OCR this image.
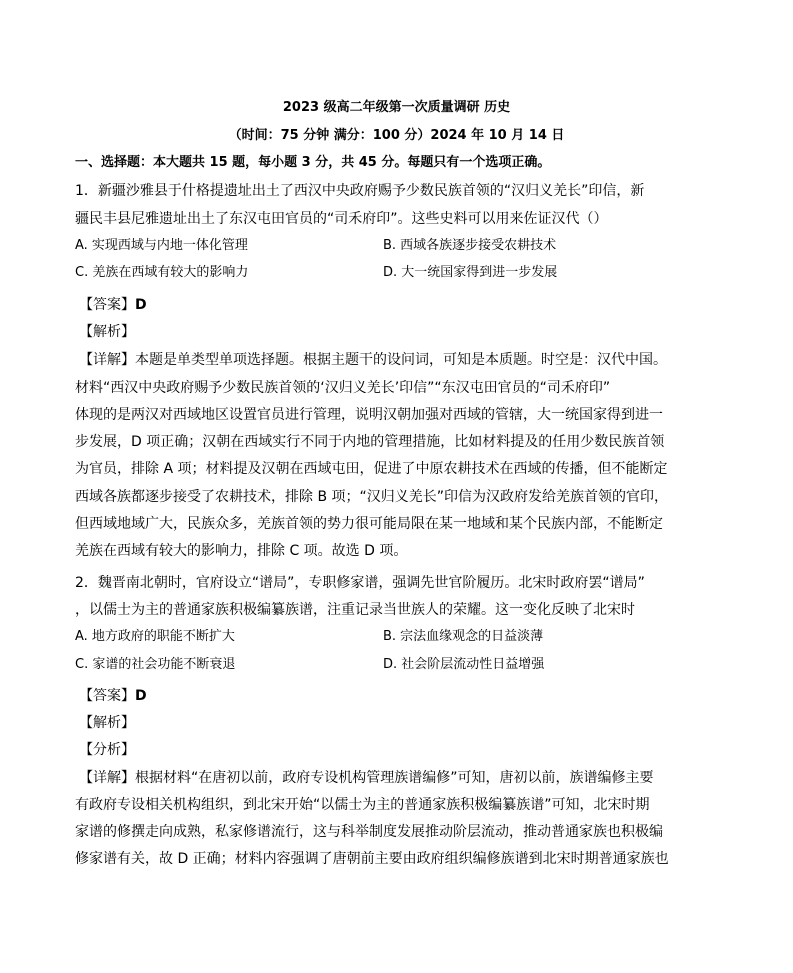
2023 级高二年级第一次质量调研 历史
（时间：75 分钟 满分：100 分）2024 年 10 月 14 日
一、选择题：本大题共 15 题，每小题 3 分，共 45 分。每题只有一个选项正确。
1．新疆沙雅县于什格提遗址出土了西汉中央政府赐予少数民族首领的“汉归义羌长”印信，新
疆民丰县尼雅遗址出土了东汉屯田官员的“司禾府印”。这些史料可以用来佐证汉代（）
A. 实现西域与内地一体化管理	B. 西域各族逐步接受农耕技术
C. 羌族在西域有较大的影响力	D. 大一统国家得到进一步发展
【答案】D
【解析】
【详解】本题是单类型单项选择题。根据主题干的设问词，可知是本质题。时空是：汉代中国。
材料“西汉中央政府赐予少数民族首领的‘汉归义羌长’印信”“东汉屯田官员的“司禾府印”
体现的是两汉对西域地区设置官员进行管理，说明汉朝加强对西域的管辖，大一统国家得到进一
步发展，D 项正确；汉朝在西域实行不同于内地的管理措施，比如材料提及的任用少数民族首领
为官员，排除 A 项；材料提及汉朝在西域屯田，促进了中原农耕技术在西域的传播，但不能断定
西域各族都逐步接受了农耕技术，排除 B 项；“汉归义羌长”印信为汉政府发给羌族首领的官印，
但西域地域广大，民族众多，羌族首领的势力很可能局限在某一地域和某个民族内部，不能断定
羌族在西域有较大的影响力，排除 C 项。故选 D 项。
2．魏晋南北朝时，官府设立“谱局”，专职修家谱，强调先世官阶履历。北宋时政府罢“谱局”
，以儒士为主的普通家族积极编纂族谱，注重记录当世族人的荣耀。这一变化反映了北宋时
A. 地方政府的职能不断扩大	B. 宗法血缘观念的日益淡薄
C. 家谱的社会功能不断衰退	D. 社会阶层流动性日益增强
【答案】D
【解析】
【分析】
【详解】根据材料“在唐初以前，政府专设机构管理族谱编修”可知，唐初以前，族谱编修主要
有政府专设相关机构组织，到北宋开始“以儒士为主的普通家族积极编纂族谱”可知，北宋时期
家谱的修撰走向成熟，私家修谱流行，这与科举制度发展推动阶层流动，推动普通家族也积极编
修家谱有关，故 D 正确；材料内容强调了唐朝前主要由政府组织编修族谱到北宋时期普通家族也
